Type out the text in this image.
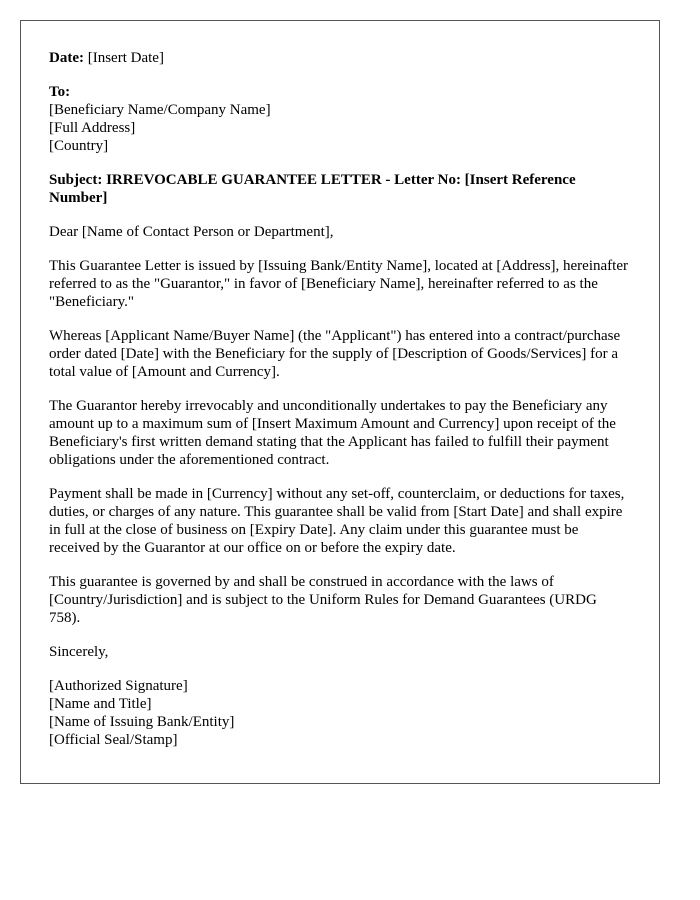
Date: [Insert Date]

To:
[Beneficiary Name/Company Name]
[Full Address]
[Country]

Subject: IRREVOCABLE GUARANTEE LETTER - Letter No: [Insert Reference Number]

Dear [Name of Contact Person or Department],

This Guarantee Letter is issued by [Issuing Bank/Entity Name], located at [Address], hereinafter referred to as the "Guarantor," in favor of [Beneficiary Name], hereinafter referred to as the "Beneficiary."

Whereas [Applicant Name/Buyer Name] (the "Applicant") has entered into a contract/purchase order dated [Date] with the Beneficiary for the supply of [Description of Goods/Services] for a total value of [Amount and Currency].

The Guarantor hereby irrevocably and unconditionally undertakes to pay the Beneficiary any amount up to a maximum sum of [Insert Maximum Amount and Currency] upon receipt of the Beneficiary's first written demand stating that the Applicant has failed to fulfill their payment obligations under the aforementioned contract.

Payment shall be made in [Currency] without any set-off, counterclaim, or deductions for taxes, duties, or charges of any nature. This guarantee shall be valid from [Start Date] and shall expire in full at the close of business on [Expiry Date]. Any claim under this guarantee must be received by the Guarantor at our office on or before the expiry date.

This guarantee is governed by and shall be construed in accordance with the laws of [Country/Jurisdiction] and is subject to the Uniform Rules for Demand Guarantees (URDG 758).

Sincerely,

[Authorized Signature]
[Name and Title]
[Name of Issuing Bank/Entity]
[Official Seal/Stamp]
